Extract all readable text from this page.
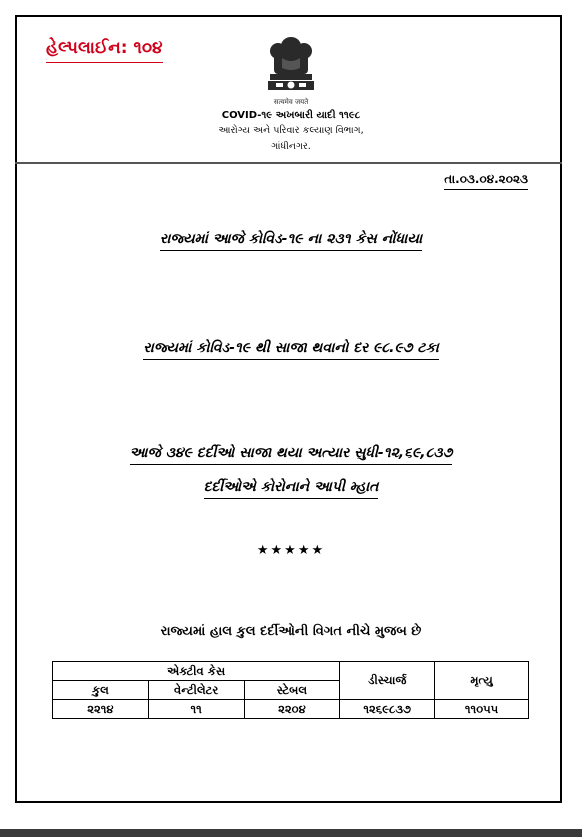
હેલ્પલાઈન: ૧૦૪
सत्यमेव जयते
COVID-૧૯ અખબારી યાદી ૧૧૯૮
આરોગ્ય અને પરિવાર કલ્યાણ વિભાગ,
ગાંધીનગર.
તા.૦૩.૦૪.૨૦૨૩
રાજ્યમાં આજે કોવિડ-૧૯ ના ૨૩૧ કેસ નોંધાયા
રાજ્યમાં કોવિડ-૧૯ થી સાજા થવાનો દર ૯૮.૯૭ ટકા
આજે ૩૪૯ દર્દીઓ સાજા થયા અત્યાર સુધી-૧૨,૬૯,૮૩૭
દર્દીઓએ કોરોનાને આપી મ્હાત
★★★★★
રાજ્યમાં હાલ કુલ દર્દીઓની વિગત નીચે મુજબ છે
એક્ટીવ કેસ			ડીસ્ચાર્જ	મૃત્યુ
કુલ	વેન્ટીલેટર	સ્ટેબલ		
૨૨૧૪	૧૧	૨૨૦૪	૧૨૬૯૮૩૭	૧૧૦૫૫
